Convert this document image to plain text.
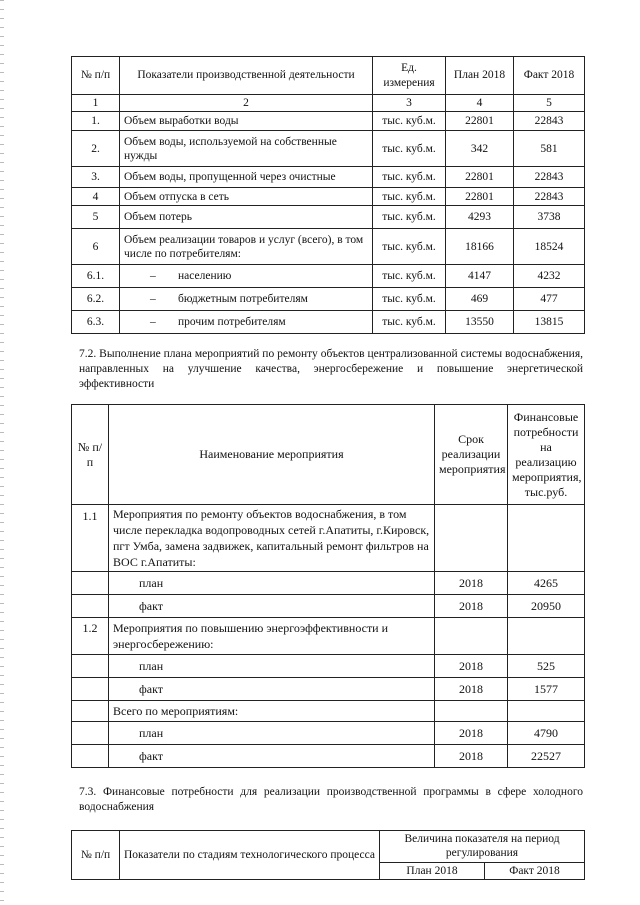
№ п/п	Показатели производственной деятельности	Ед. измерения	План 2018	Факт 2018
1	2	3	4	5
1.	Объем выработки воды	тыс. куб.м.	22801	22843
2.	Объем воды, используемой на собственные нужды	тыс. куб.м.	342	581
3.	Объем воды, пропущенной через очистные	тыс. куб.м.	22801	22843
4	Объем отпуска в сеть	тыс. куб.м.	22801	22843
5	Объем потерь	тыс. куб.м.	4293	3738
6	Объем реализации товаров и услуг (всего), в том числе по потребителям:	тыс. куб.м.	18166	18524
6.1.	– населению	тыс. куб.м.	4147	4232
6.2.	– бюджетным потребителям	тыс. куб.м.	469	477
6.3.	– прочим потребителям	тыс. куб.м.	13550	13815
7.2. Выполнение плана мероприятий по ремонту объектов централизованной системы водоснабжения, направленных на улучшение качества, энергосбережение и повышение энергетической эффективности
№ п/п	Наименование мероприятия	Срок реализации мероприятия	Финансовые потребности на реализацию мероприятия, тыс.руб.
1.1	Мероприятия по ремонту объектов водоснабжения, в том числе перекладка водопроводных сетей г.Апатиты, г.Кировск, пгт Умба, замена задвижек, капитальный ремонт фильтров на ВОС г.Апатиты:		
	план	2018	4265
	факт	2018	20950
1.2	Мероприятия по повышению энергоэффективности и энергосбережению:		
	план	2018	525
	факт	2018	1577
	Всего по мероприятиям:		
	план	2018	4790
	факт	2018	22527
7.3. Финансовые потребности для реализации производственной программы в сфере холодного водоснабжения
№ п/п	Показатели по стадиям технологического процесса	Величина показателя на период регулирования	
		План 2018	Факт 2018
